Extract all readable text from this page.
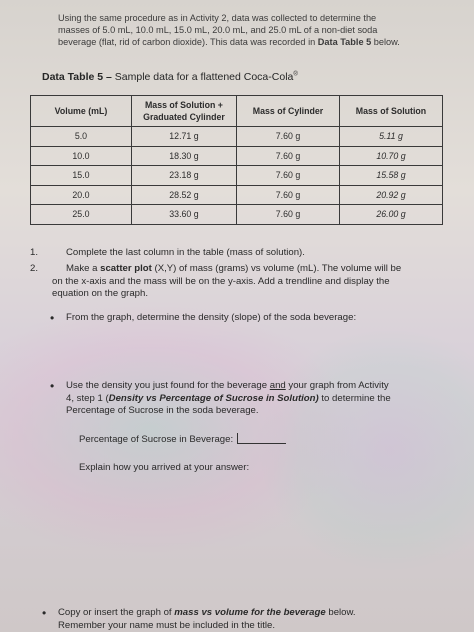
Using the same procedure as in Activity 2, data was collected to determine the
masses of 5.0 mL, 10.0 mL, 15.0 mL, 20.0 mL, and 25.0 mL of a non-diet soda
beverage (flat, rid of carbon dioxide). This data was recorded in Data Table 5 below.
Data Table 5 – Sample data for a flattened Coca-Cola®
Volume (mL)	Mass of Solution + Graduated Cylinder	Mass of Cylinder	Mass of Solution
5.0	12.71 g	7.60 g	5.11 g
10.0	18.30 g	7.60 g	10.70 g
15.0	23.18 g	7.60 g	15.58 g
20.0	28.52 g	7.60 g	20.92 g
25.0	33.60 g	7.60 g	26.00 g
1.	Complete the last column in the table (mass of solution).
2.	Make a scatter plot (X,Y) of mass (grams) vs volume (mL). The volume will be
on the x-axis and the mass will be on the y-axis. Add a trendline and display the
equation on the graph.
• From the graph, determine the density (slope) of the soda beverage:
• Use the density you just found for the beverage and your graph from Activity
4, step 1 (Density vs Percentage of Sucrose in Solution) to determine the
Percentage of Sucrose in the soda beverage.
Percentage of Sucrose in Beverage:
Explain how you arrived at your answer:
• Copy or insert the graph of mass vs volume for the beverage below.
Remember your name must be included in the title.
